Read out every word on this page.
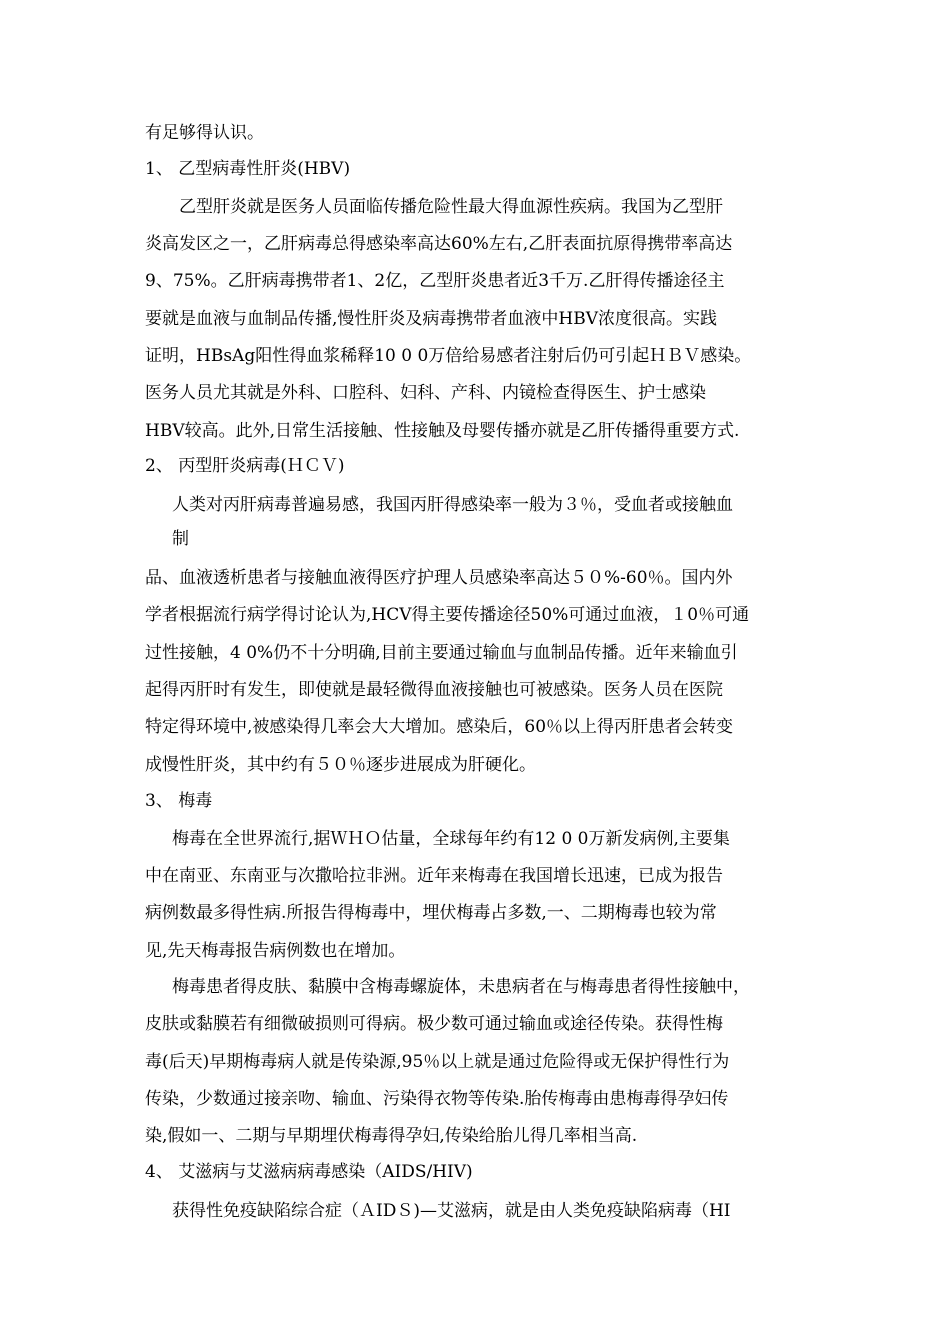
有足够得认识。
1、 乙型病毒性肝炎(HBV)
乙型肝炎就是医务人员面临传播危险性最大得血源性疾病。我国为乙型肝
炎高发区之一，乙肝病毒总得感染率高达60%左右,乙肝表面抗原得携带率高达
9、75%。乙肝病毒携带者1、2亿，乙型肝炎患者近3千万.乙肝得传播途径主
要就是血液与血制品传播,慢性肝炎及病毒携带者血液中HBⅤ浓度很高。实践
证明，HBsAg阳性得血浆稀释10 0 0万倍给易感者注射后仍可引起ＨＢＶ感染。
医务人员尤其就是外科、口腔科、妇科、产科、内镜检查得医生、护士感染
HBV较高。此外,日常生活接触、性接触及母婴传播亦就是乙肝传播得重要方式.
2、 丙型肝炎病毒(ＨＣＶ)
人类对丙肝病毒普遍易感，我国丙肝得感染率一般为３％，受血者或接触血
制
品、血液透析患者与接触血液得医疗护理人员感染率高达５０%-60％。国内外
学者根据流行病学得讨论认为,HCV得主要传播途径50%可通过血液，１0％可通
过性接触，4 0%仍不十分明确,目前主要通过输血与血制品传播。近年来输血引
起得丙肝时有发生，即使就是最轻微得血液接触也可被感染。医务人员在医院
特定得环境中,被感染得几率会大大增加。感染后，60％以上得丙肝患者会转变
成慢性肝炎，其中约有５０％逐步进展成为肝硬化。
3、 梅毒
梅毒在全世界流行,据ＷＨＯ估量，全球每年约有12 0 0万新发病例,主要集
中在南亚、东南亚与次撒哈拉非洲。近年来梅毒在我国增长迅速，已成为报告
病例数最多得性病.所报告得梅毒中，埋伏梅毒占多数,一、二期梅毒也较为常
见,先天梅毒报告病例数也在增加。
梅毒患者得皮肤、黏膜中含梅毒螺旋体，未患病者在与梅毒患者得性接触中，
皮肤或黏膜若有细微破损则可得病。极少数可通过输血或途径传染。获得性梅
毒(后天)早期梅毒病人就是传染源,95％以上就是通过危险得或无保护得性行为
传染，少数通过接亲吻、输血、污染得衣物等传染.胎传梅毒由患梅毒得孕妇传
染,假如一、二期与早期埋伏梅毒得孕妇,传染给胎儿得几率相当高.
4、 艾滋病与艾滋病病毒感染（AIDS/HIV)
获得性免疫缺陷综合症（ＡIDＳ)—艾滋病，就是由人类免疫缺陷病毒（HI
